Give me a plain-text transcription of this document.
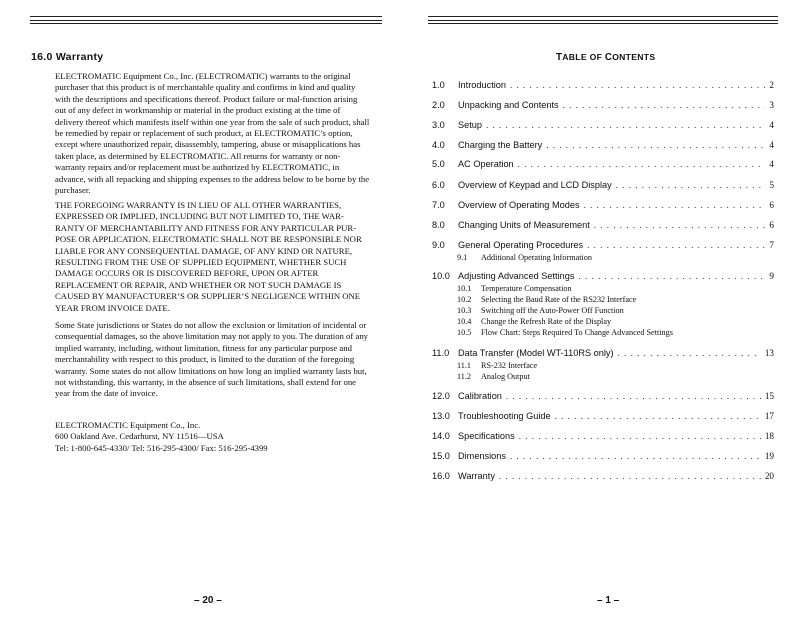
16.0 Warranty

ELECTROMATIC Equipment Co., Inc. (ELECTROMATIC) warrants to the original purchaser that this product is of merchantable quality and confirms in kind and quality with the descriptions and specifications thereof. Product failure or mal-function arising out of any defect in workmanship or material in the product existing at the time of delivery thereof which manifests itself within one year from the sale of such product, shall be remedied by repair or replacement of such product, at ELECTROMATIC’s option, except where unauthorized repair, disassembly, tampering, abuse or misapplications has taken place, as determined by ELECTROMATIC. All returns for warranty or non-warranty repairs and/or replacement must be authorized by ELECTROMATIC, in advance, with all repacking and shipping expenses to the address below to be borne by the purchaser.

THE FOREGOING WARRANTY IS IN LIEU OF ALL OTHER WARRANTIES, EXPRESSED OR IMPLIED, INCLUDING BUT NOT LIMITED TO, THE WAR-RANTY OF MERCHANTABILITY AND FITNESS FOR ANY PARTICULAR PUR-POSE OR APPLICATION. ELECTROMATIC SHALL NOT BE RESPONSIBLE NOR LIABLE FOR ANY CONSEQUENTIAL DAMAGE, OF ANY KIND OR NATURE, RESULTING FROM THE USE OF SUPPLIED EQUIPMENT, WHETHER SUCH DAMAGE OCCURS OR IS DISCOVERED BEFORE, UPON OR AFTER REPLACEMENT OR REPAIR, AND WHETHER OR NOT SUCH DAMAGE IS CAUSED BY MANUFACTURER’S OR SUPPLIER’S NEGLIGENCE WITHIN ONE YEAR FROM INVOICE DATE.

Some State jurisdictions or States do not allow the exclusion or limitation of incidental or consequential damages, so the above limitation may not apply to you. The duration of any implied warranty, including, without limitation, fitness for any particular purpose and merchantability with respect to this product, is limited to the duration of the foregoing warranty. Some states do not allow limitations on how long an implied warranty lasts but, not withstanding, this warranty, in the absence of such limitations, shall extend for one year from the date of invoice.

ELECTROMACTIC Equipment Co., Inc.
600 Oakland Ave. Cedarhurst, NY 11516—USA
Tel: 1-800-645-4330/ Tel: 516-295-4300/ Fax: 516-295-4399
– 20 –
TABLE OF CONTENTS
1.0	Introduction . . .	2
2.0	Unpacking and Contents . . .	3
3.0	Setup . . .	4
4.0	Charging the Battery . . .	4
5.0	AC Operation . . .	4
6.0	Overview of Keypad and LCD Display . . .	5
7.0	Overview of Operating Modes . . .	6
8.0	Changing Units of Measurement . . .	6
9.0	General Operating Procedures . . .	7
9.1 Additional Operating Information
10.0 Adjusting Advanced Settings . . .	9
10.1 Temperature Compensation
10.2 Selecting the Baud Rate of the RS232 Interface
10.3 Switching off the Auto-Power Off Function
10.4 Change the Refresh Rate of the Display
10.5 Flow Chart: Steps Required To Change Advanced Settings
11.0 Data Transfer (Model WT-110RS only) . . .	13
11.1 RS-232 Interface
11.2 Analog Output
12.0 Calibration . . .	15
13.0 Troubleshooting Guide . . .	17
14.0 Specifications . . .	18
15.0 Dimensions . . .	19
16.0 Warranty . . .	20
– 1 –
